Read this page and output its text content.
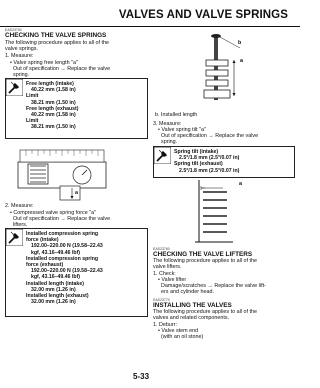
VALVES AND VALVE SPRINGS
EAS23750
CHECKING THE VALVE SPRINGS
The following procedure applies to all of the
valve springs.
1. Measure:
• Valve spring free length "a"
Out of specification → Replace the valve
spring.
Free length (intake)
40.22 mm (1.58 in)
Limit
38.21 mm (1.50 in)
Free length (exhaust)
40.22 mm (1.58 in)
Limit
38.21 mm (1.50 in)
a
2. Measure:
• Compressed valve spring force "a"
Out of specification → Replace the valve
lifters.
Installed compression spring
force (intake)
192.00–220.00 N (19.58–22.43
kgf, 43.16–49.46 lbf)
Installed compression spring
force (exhaust)
192.00–220.00 N (19.58–22.43
kgf, 43.16–49.46 lbf)
Installed length (intake)
32.00 mm (1.26 in)
Installed length (exhaust)
32.00 mm (1.26 in)
b
a
b. Installed length
3. Measure:
• Valve spring tilt "a"
Out of specification → Replace the valve
spring.
Spring tilt (intake)
2.5°/1.8 mm (2.5°/0.07 in)
Spring tilt (exhaust)
2.5°/1.8 mm (2.5°/0.07 in)
a
EAS23760
CHECKING THE VALVE LIFTERS
The following procedure applies to all of the
valve lifters.
1. Check:
• Valve lifter
Damage/scratches → Replace the valve lift-
ers and cylinder head.
EAS23770
INSTALLING THE VALVES
The following procedure applies to all of the
valves and related components.
1. Deburr:
• Valve stem end
(with an oil stone)
5-33
